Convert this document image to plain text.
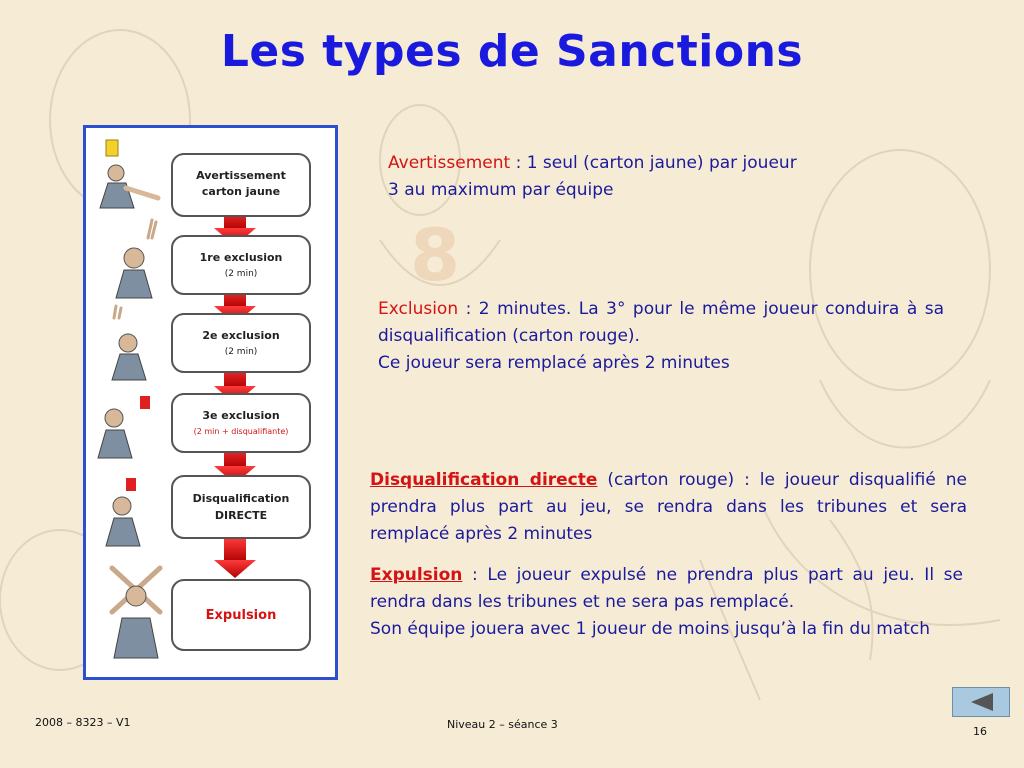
8
Les types de Sanctions
Avertissement
carton jaune
1re exclusion
(2 min)
2e exclusion
(2 min)
3e exclusion
(2 min + disqualifiante)
Disqualification
DIRECTE
Expulsion
Avertissement : 1 seul (carton jaune) par joueur
3 au maximum par équipe
Exclusion : 2 minutes. La 3° pour le même joueur conduira à sa disqualification (carton rouge).
Ce joueur sera remplacé après 2 minutes
Disqualification directe (carton rouge) : le joueur disqualifié ne prendra plus part au jeu, se rendra dans les tribunes et sera remplacé après 2 minutes
Expulsion : Le joueur expulsé ne prendra plus part au jeu. Il se rendra dans les tribunes et ne sera pas remplacé.
Son équipe jouera avec 1 joueur de moins jusqu’à la fin du match
2008 – 8323 – V1	Niveau 2 – séance 3
16
